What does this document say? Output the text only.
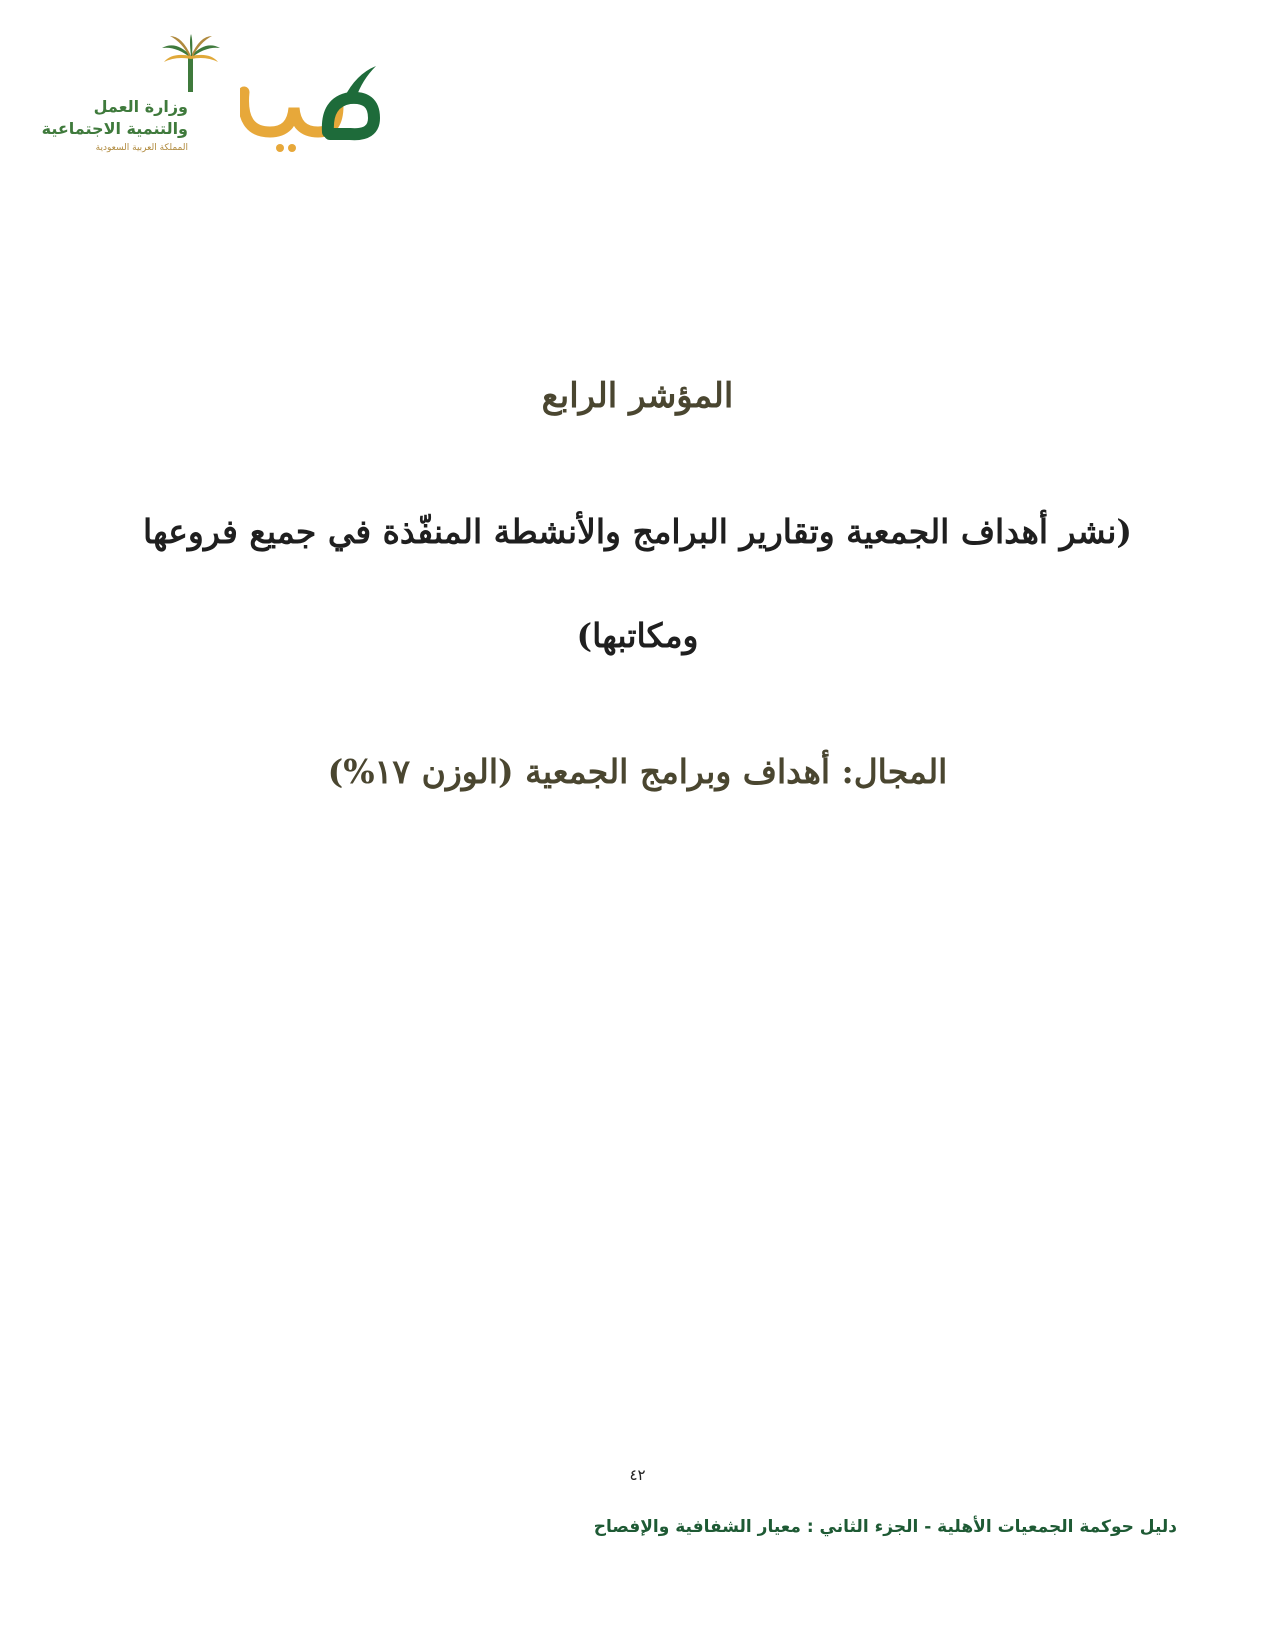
وزارة العمل
والتنمية الاجتماعية
المملكة العربية السعودية
المؤشر الرابع
(نشر أهداف الجمعية وتقارير البرامج والأنشطة المنفّذة في جميع فروعها
ومكاتبها)
المجال: أهداف وبرامج الجمعية (الوزن ١٧%)
٤٢
دليل حوكمة الجمعيات الأهلية - الجزء الثاني : معيار الشفافية والإفصاح
